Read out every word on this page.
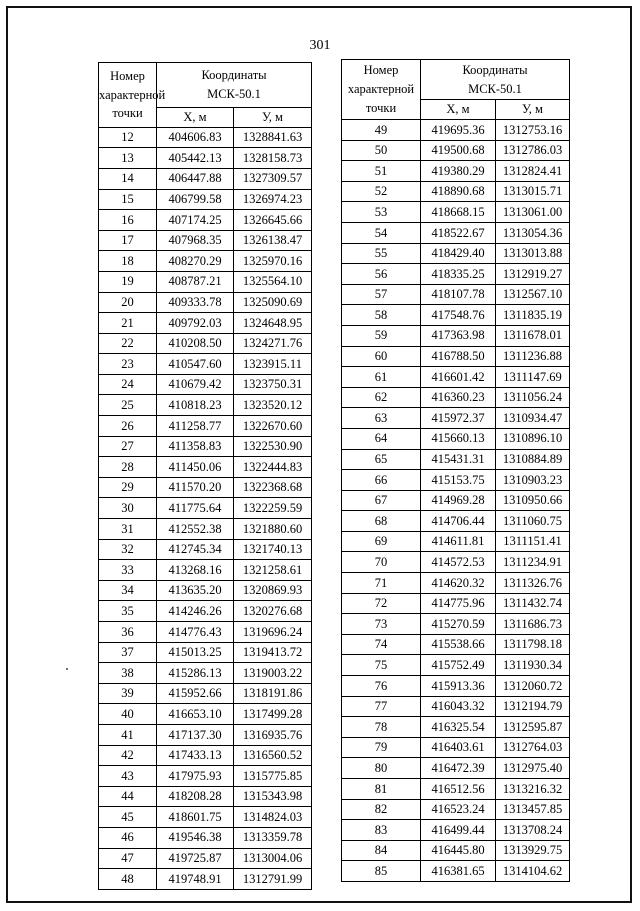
301
Номер
характерной
точки	Координаты
МСК-50.1	
	Х, м	У, м
12	404606.83	1328841.63
13	405442.13	1328158.73
14	406447.88	1327309.57
15	406799.58	1326974.23
16	407174.25	1326645.66
17	407968.35	1326138.47
18	408270.29	1325970.16
19	408787.21	1325564.10
20	409333.78	1325090.69
21	409792.03	1324648.95
22	410208.50	1324271.76
23	410547.60	1323915.11
24	410679.42	1323750.31
25	410818.23	1323520.12
26	411258.77	1322670.60
27	411358.83	1322530.90
28	411450.06	1322444.83
29	411570.20	1322368.68
30	411775.64	1322259.59
31	412552.38	1321880.60
32	412745.34	1321740.13
33	413268.16	1321258.61
34	413635.20	1320869.93
35	414246.26	1320276.68
36	414776.43	1319696.24
37	415013.25	1319413.72
38	415286.13	1319003.22
39	415952.66	1318191.86
40	416653.10	1317499.28
41	417137.30	1316935.76
42	417433.13	1316560.52
43	417975.93	1315775.85
44	418208.28	1315343.98
45	418601.75	1314824.03
46	419546.38	1313359.78
47	419725.87	1313004.06
48	419748.91	1312791.99
Номер
характерной
точки	Координаты
МСК-50.1	
	Х, м	У, м
49	419695.36	1312753.16
50	419500.68	1312786.03
51	419380.29	1312824.41
52	418890.68	1313015.71
53	418668.15	1313061.00
54	418522.67	1313054.36
55	418429.40	1313013.88
56	418335.25	1312919.27
57	418107.78	1312567.10
58	417548.76	1311835.19
59	417363.98	1311678.01
60	416788.50	1311236.88
61	416601.42	1311147.69
62	416360.23	1311056.24
63	415972.37	1310934.47
64	415660.13	1310896.10
65	415431.31	1310884.89
66	415153.75	1310903.23
67	414969.28	1310950.66
68	414706.44	1311060.75
69	414611.81	1311151.41
70	414572.53	1311234.91
71	414620.32	1311326.76
72	414775.96	1311432.74
73	415270.59	1311686.73
74	415538.66	1311798.18
75	415752.49	1311930.34
76	415913.36	1312060.72
77	416043.32	1312194.79
78	416325.54	1312595.87
79	416403.61	1312764.03
80	416472.39	1312975.40
81	416512.56	1313216.32
82	416523.24	1313457.85
83	416499.44	1313708.24
84	416445.80	1313929.75
85	416381.65	1314104.62
